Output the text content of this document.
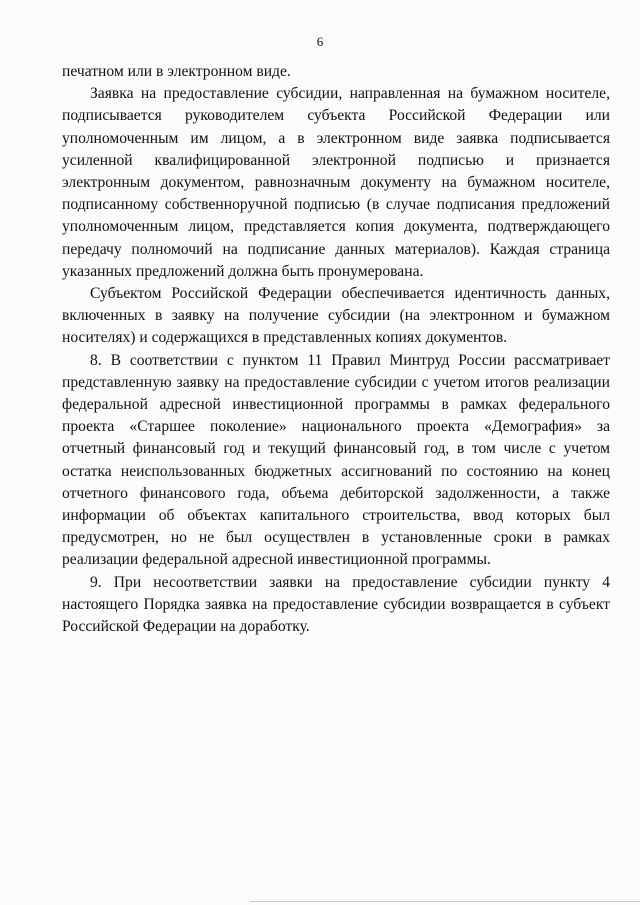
6

печатном или в электронном виде.

Заявка на предоставление субсидии, направленная на бумажном носителе, подписывается руководителем субъекта Российской Федерации или уполномоченным им лицом, а в электронном виде заявка подписывается усиленной квалифицированной электронной подписью и признается электронным документом, равнозначным документу на бумажном носителе, подписанному собственноручной подписью (в случае подписания предложений уполномоченным лицом, представляется копия документа, подтверждающего передачу полномочий на подписание данных материалов). Каждая страница указанных предложений должна быть пронумерована.

Субъектом Российской Федерации обеспечивается идентичность данных, включенных в заявку на получение субсидии (на электронном и бумажном носителях) и содержащихся в представленных копиях документов.

8. В соответствии с пунктом 11 Правил Минтруд России рассматривает представленную заявку на предоставление субсидии с учетом итогов реализации федеральной адресной инвестиционной программы в рамках федерального проекта «Старшее поколение» национального проекта «Демография» за отчетный финансовый год и текущий финансовый год, в том числе с учетом остатка неиспользованных бюджетных ассигнований по состоянию на конец отчетного финансового года, объема дебиторской задолженности, а также информации об объектах капитального строительства, ввод которых был предусмотрен, но не был осуществлен в установленные сроки в рамках реализации федеральной адресной инвестиционной программы.

9. При несоответствии заявки на предоставление субсидии пункту 4 настоящего Порядка заявка на предоставление субсидии возвращается в субъект Российской Федерации на доработку.
